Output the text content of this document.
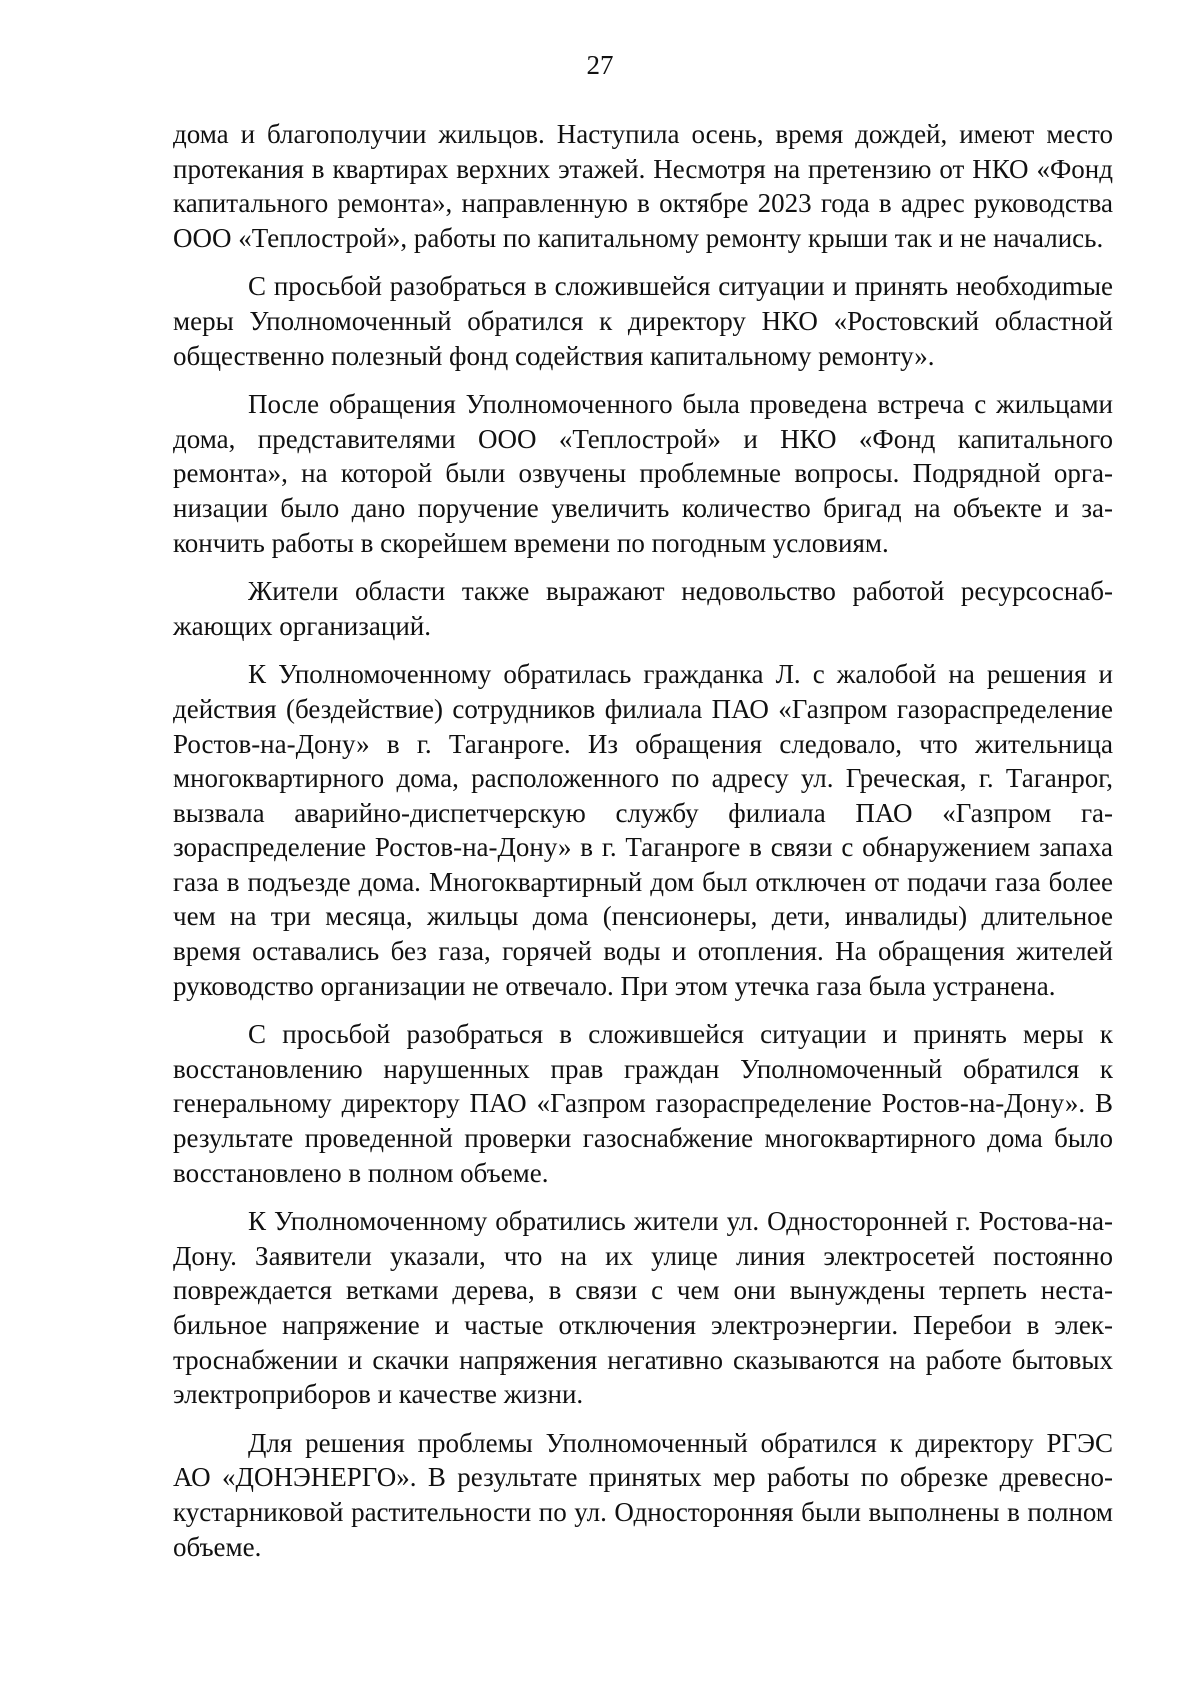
27

дома и благополучии жильцов. Наступила осень, время дождей, имеют место протекания в квартирах верхних этажей. Несмотря на претензию от НКО «Фонд капитального ремонта», направленную в октябре 2023 года в адрес руководства ООО «Теплострой», работы по капитальному ремонту крыши так и не начались.

С просьбой разобраться в сложившейся ситуации и принять необходиmые меры Уполномоченный обратился к директору НКО «Ростовский областной общественно полезный фонд содействия капитальному ремонту».

После обращения Уполномоченного была проведена встреча с жильцами дома, представителями ООО «Теплострой» и НКО «Фонд капитального ремонта», на которой были озвучены проблемные вопросы. Подрядной организации было дано поручение увеличить количество бригад на объекте и закончить работы в скорейшем времени по погодным условиям.

Жители области также выражают недовольство работой ресурсоснабжающих организаций.

К Уполномоченному обратилась гражданка Л. с жалобой на решения и действия (бездействие) сотрудников филиала ПАО «Газпром газораспределение Ростов-на-Дону» в г. Таганроге. Из обращения следовало, что жительница многоквартирного дома, расположенного по адресу ул. Греческая, г. Таганрог, вызвала аварийно-диспетчерскую службу филиала ПАО «Газпром газораспределение Ростов-на-Дону» в г. Таганроге в связи с обнаружением запаха газа в подъезде дома. Многоквартирный дом был отключен от подачи газа более чем на три месяца, жильцы дома (пенсионеры, дети, инвалиды) длительное время оставались без газа, горячей воды и отопления. На обращения жителей руководство организации не отвечало. При этом утечка газа была устранена.

С просьбой разобраться в сложившейся ситуации и принять меры к восстановлению нарушенных прав граждан Уполномоченный обратился к генеральному директору ПАО «Газпром газораспределение Ростов-на-Дону». В результате проведенной проверки газоснабжение многоквартирного дома было восстановлено в полном объеме.

К Уполномоченному обратились жители ул. Односторонней г. Ростова-на-Дону. Заявители указали, что на их улице линия электросетей постоянно повреждается ветками дерева, в связи с чем они вынуждены терпеть нестабильное напряжение и частые отключения электроэнергии. Перебои в электроснабжении и скачки напряжения негативно сказываются на работе бытовых электроприборов и качестве жизни.

Для решения проблемы Уполномоченный обратился к директору РГЭС АО «ДОНЭНЕРГО». В результате принятых мер работы по обрезке древесно-кустарниковой растительности по ул. Односторонняя были выполнены в полном объеме.
